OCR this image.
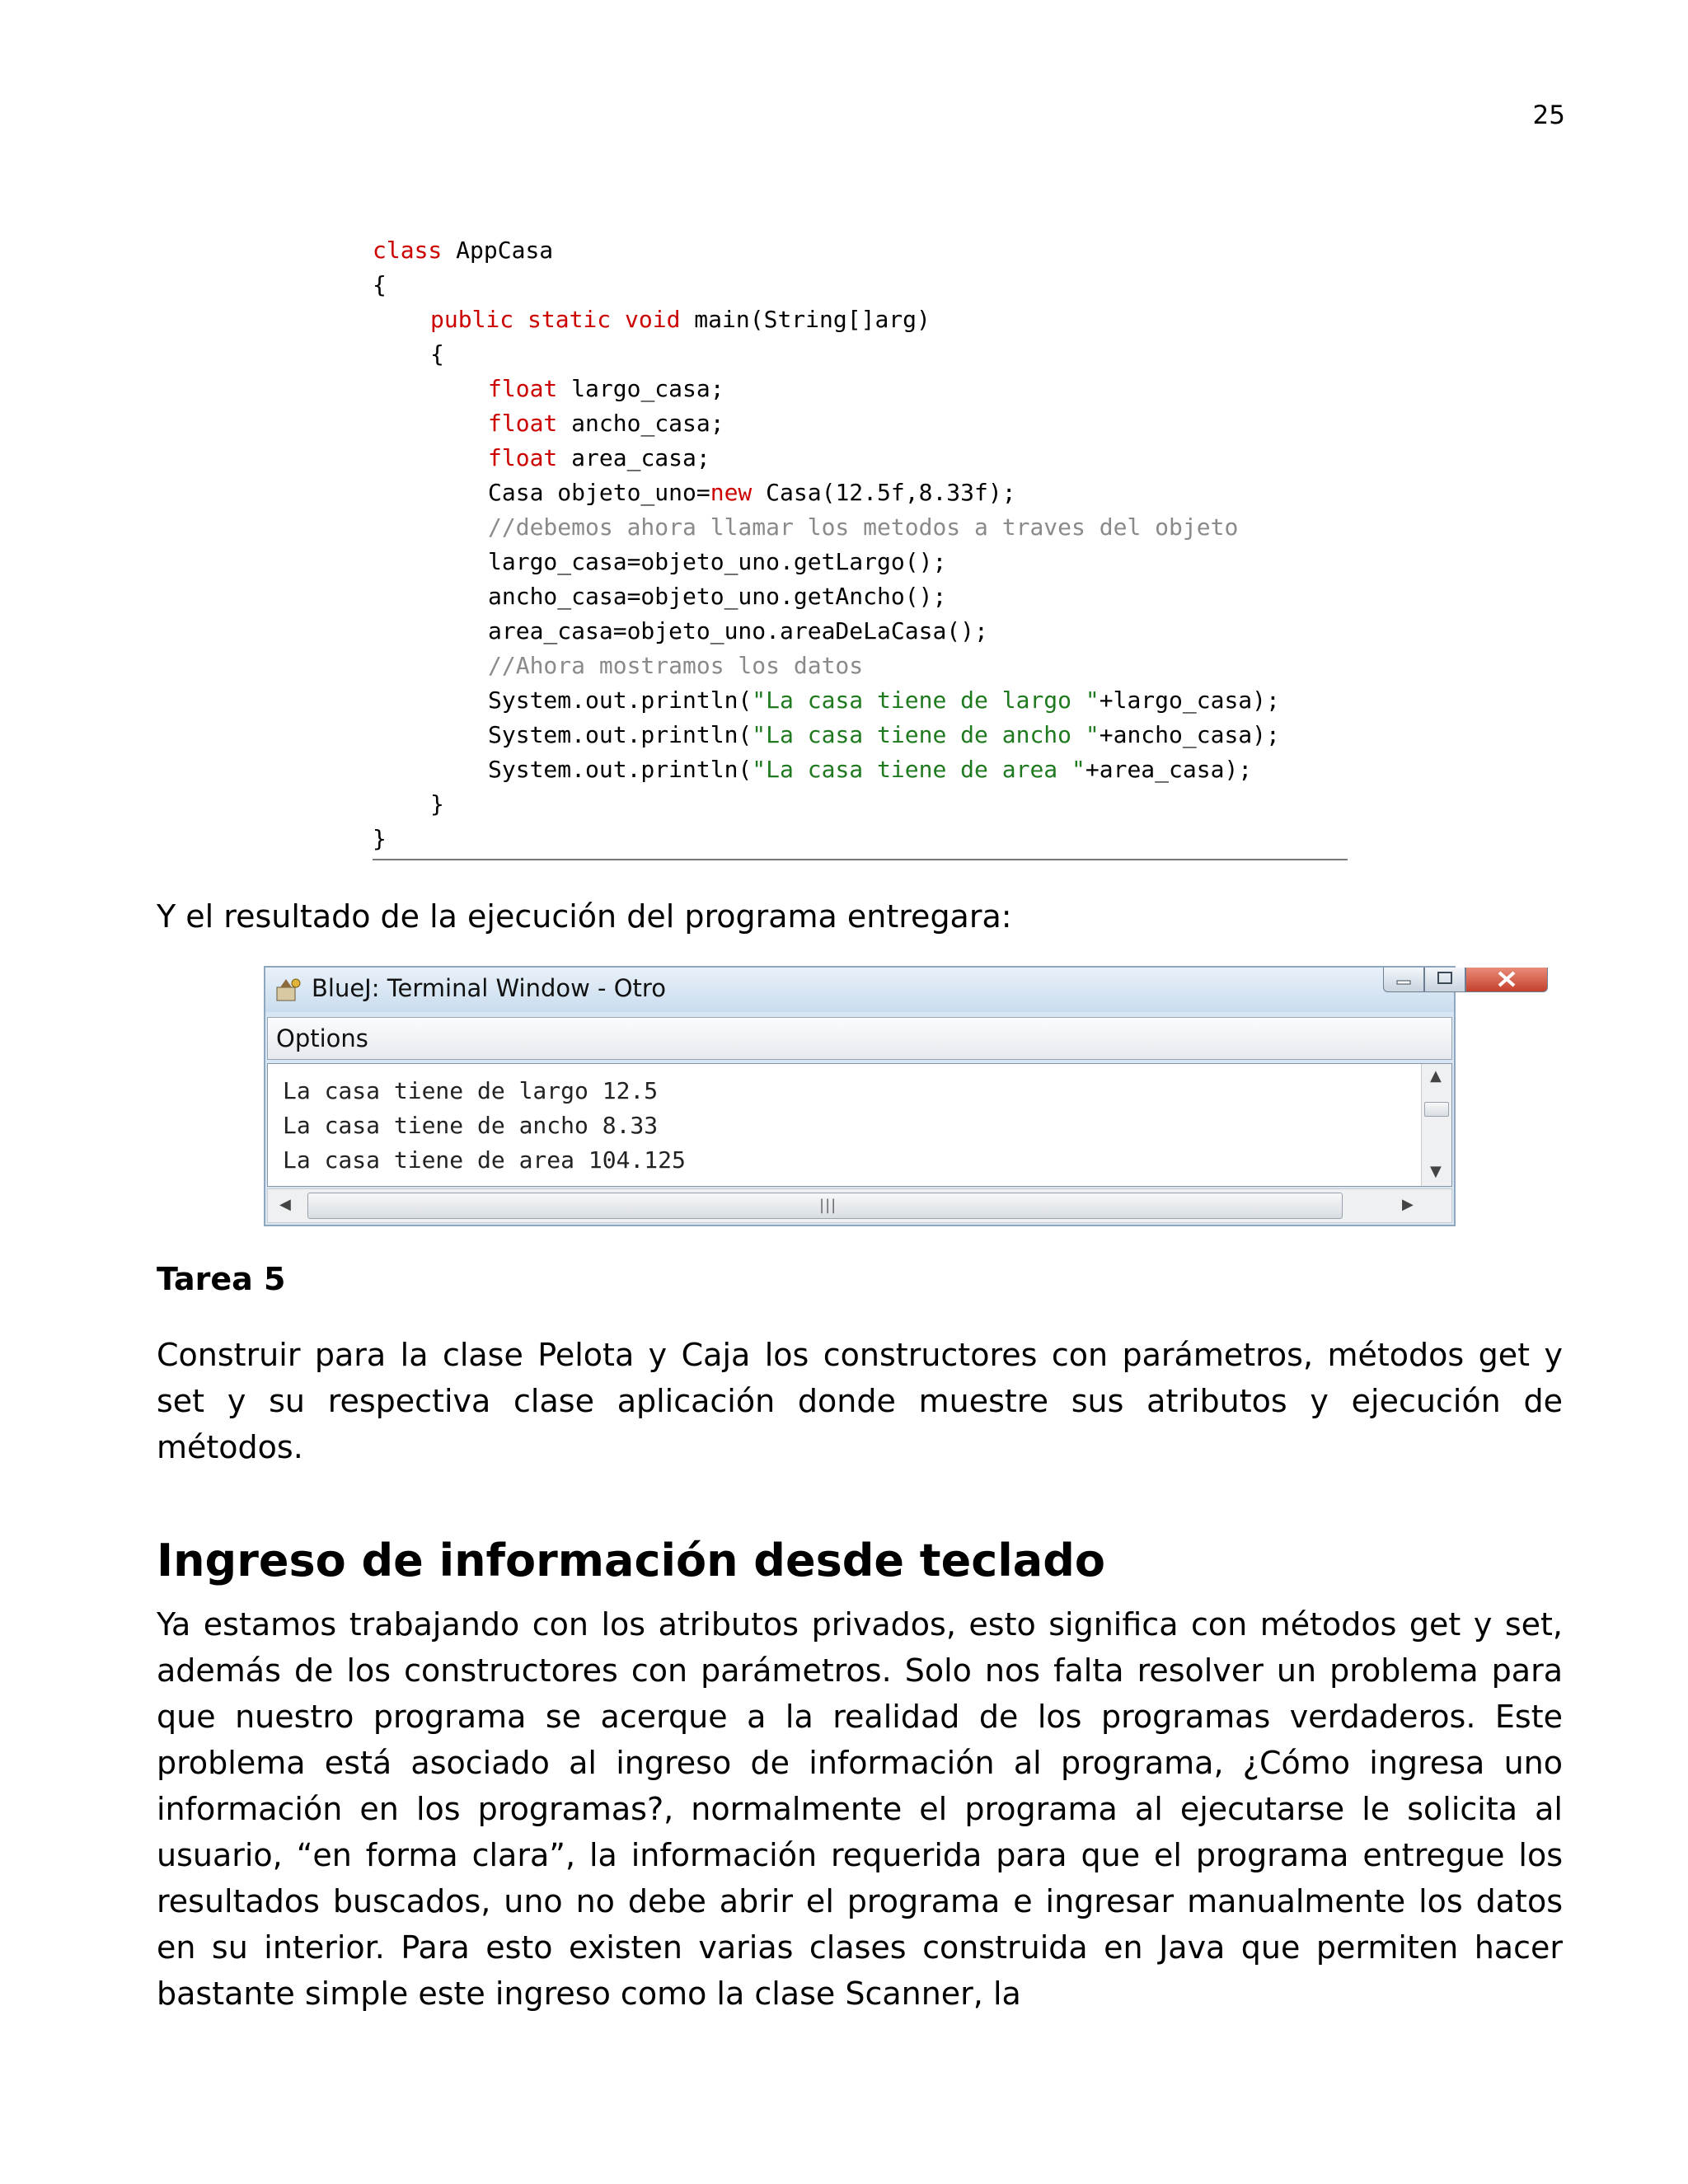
25
class AppCasa
{
public static void main(String[]arg)
{
float largo_casa;
float ancho_casa;
float area_casa;
Casa objeto_uno=new Casa(12.5f,8.33f);
//debemos ahora llamar los metodos a traves del objeto
largo_casa=objeto_uno.getLargo();
ancho_casa=objeto_uno.getAncho();
area_casa=objeto_uno.areaDeLaCasa();
//Ahora mostramos los datos
System.out.println("La casa tiene de largo "+largo_casa);
System.out.println("La casa tiene de ancho "+ancho_casa);
System.out.println("La casa tiene de area "+area_casa);
}
}
Y el resultado de la ejecución del programa entregara:
BlueJ: Terminal Window - Otro
Options
La casa tiene de largo 12.5
La casa tiene de ancho 8.33
La casa tiene de area 104.125
▲
▼
◀	|||	▶
Tarea 5
Construir para la clase Pelota y Caja los constructores con parámetros, métodos get y set y su respectiva clase aplicación donde muestre sus atributos y ejecución de métodos.
Ingreso de información desde teclado
Ya estamos trabajando con los atributos privados, esto significa con métodos get y set, además de los constructores con parámetros. Solo nos falta resolver un problema para que nuestro programa se acerque a la realidad de los programas verdaderos. Este problema está asociado al ingreso de información al programa, ¿Cómo ingresa uno información en los programas?, normalmente el programa al ejecutarse le solicita al usuario, “en forma clara”, la información requerida para que el programa entregue los resultados buscados, uno no debe abrir el programa e ingresar manualmente los datos en su interior. Para esto existen varias clases construida en Java que permiten hacer bastante simple este ingreso como la clase Scanner, la
